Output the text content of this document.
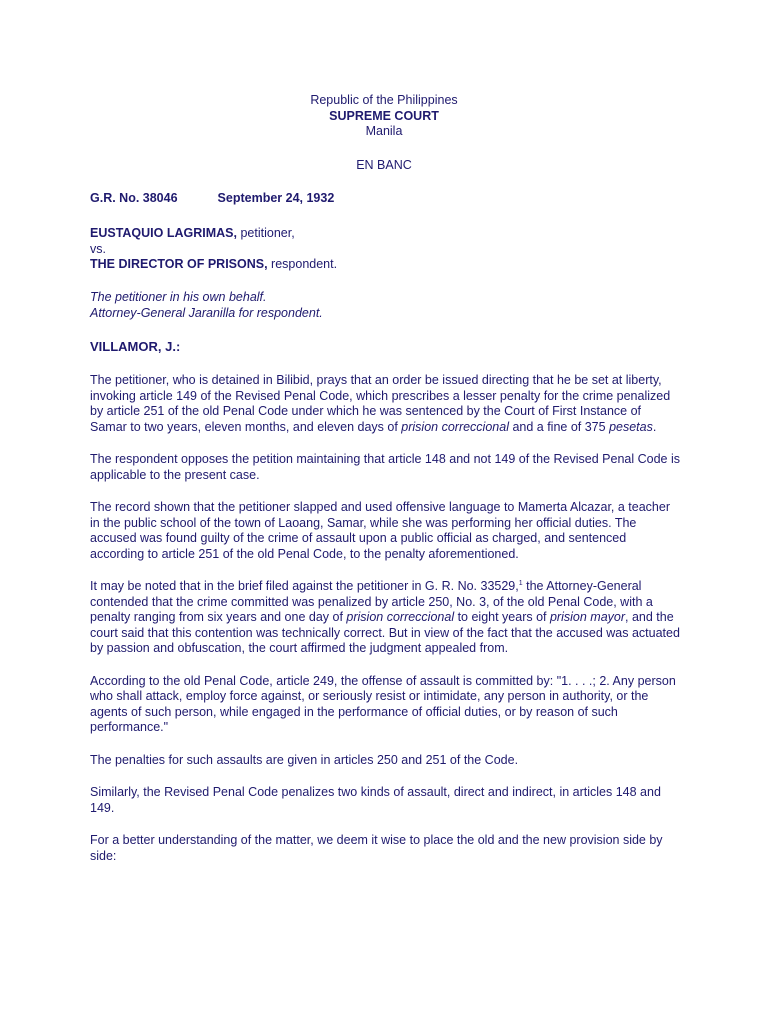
Republic of the Philippines
SUPREME COURT
Manila
EN BANC
G.R. No. 38046	September 24, 1932
EUSTAQUIO LAGRIMAS, petitioner,
vs.
THE DIRECTOR OF PRISONS, respondent.
The petitioner in his own behalf.
Attorney-General Jaranilla for respondent.
VILLAMOR, J.:

The petitioner, who is detained in Bilibid, prays that an order be issued directing that he be set at liberty, invoking article 149 of the Revised Penal Code, which prescribes a lesser penalty for the crime penalized by article 251 of the old Penal Code under which he was sentenced by the Court of First Instance of Samar to two years, eleven months, and eleven days of prision correccional and a fine of 375 pesetas.

The respondent opposes the petition maintaining that article 148 and not 149 of the Revised Penal Code is applicable to the present case.

The record shown that the petitioner slapped and used offensive language to Mamerta Alcazar, a teacher in the public school of the town of Laoang, Samar, while she was performing her official duties. The accused was found guilty of the crime of assault upon a public official as charged, and sentenced according to article 251 of the old Penal Code, to the penalty aforementioned.

It may be noted that in the brief filed against the petitioner in G. R. No. 33529,$^1$ the Attorney-General contended that the crime committed was penalized by article 250, No. 3, of the old Penal Code, with a penalty ranging from six years and one day of prision correccional to eight years of prision mayor, and the court said that this contention was technically correct. But in view of the fact that the accused was actuated by passion and obfuscation, the court affirmed the judgment appealed from.

According to the old Penal Code, article 249, the offense of assault is committed by: "1. . . .; 2. Any person who shall attack, employ force against, or seriously resist or intimidate, any person in authority, or the agents of such person, while engaged in the performance of official duties, or by reason of such performance."

The penalties for such assaults are given in articles 250 and 251 of the Code.

Similarly, the Revised Penal Code penalizes two kinds of assault, direct and indirect, in articles 148 and 149.

For a better understanding of the matter, we deem it wise to place the old and the new provision side by side:
